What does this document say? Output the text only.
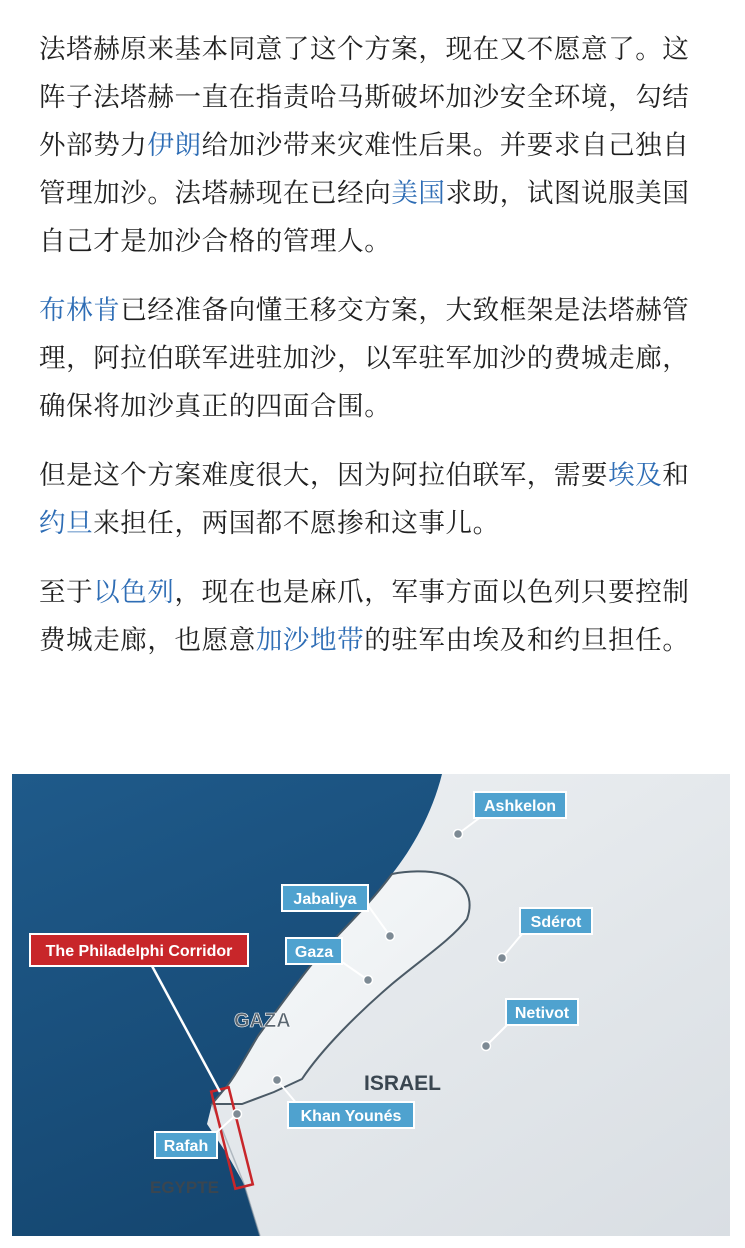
法塔赫原来基本同意了这个方案，现在又不愿意了。这阵子法塔赫一直在指责哈马斯破坏加沙安全环境，勾结外部势力伊朗给加沙带来灾难性后果。并要求自己独自管理加沙。法塔赫现在已经向美国求助，试图说服美国自己才是加沙合格的管理人。

布林肯已经准备向懂王移交方案，大致框架是法塔赫管理，阿拉伯联军进驻加沙，以军驻军加沙的费城走廊，确保将加沙真正的四面合围。

但是这个方案难度很大，因为阿拉伯联军，需要埃及和约旦来担任，两国都不愿掺和这事儿。

至于以色列，现在也是麻爪，军事方面以色列只要控制费城走廊，也愿意加沙地带的驻军由埃及和约旦担任。

The Philadelphi Corridor
Ashkelon
Jabaliya
Gaza
Sdérot
Netivot
Khan Younés
Rafah
GAZA
ISRAEL
EGYPTE
